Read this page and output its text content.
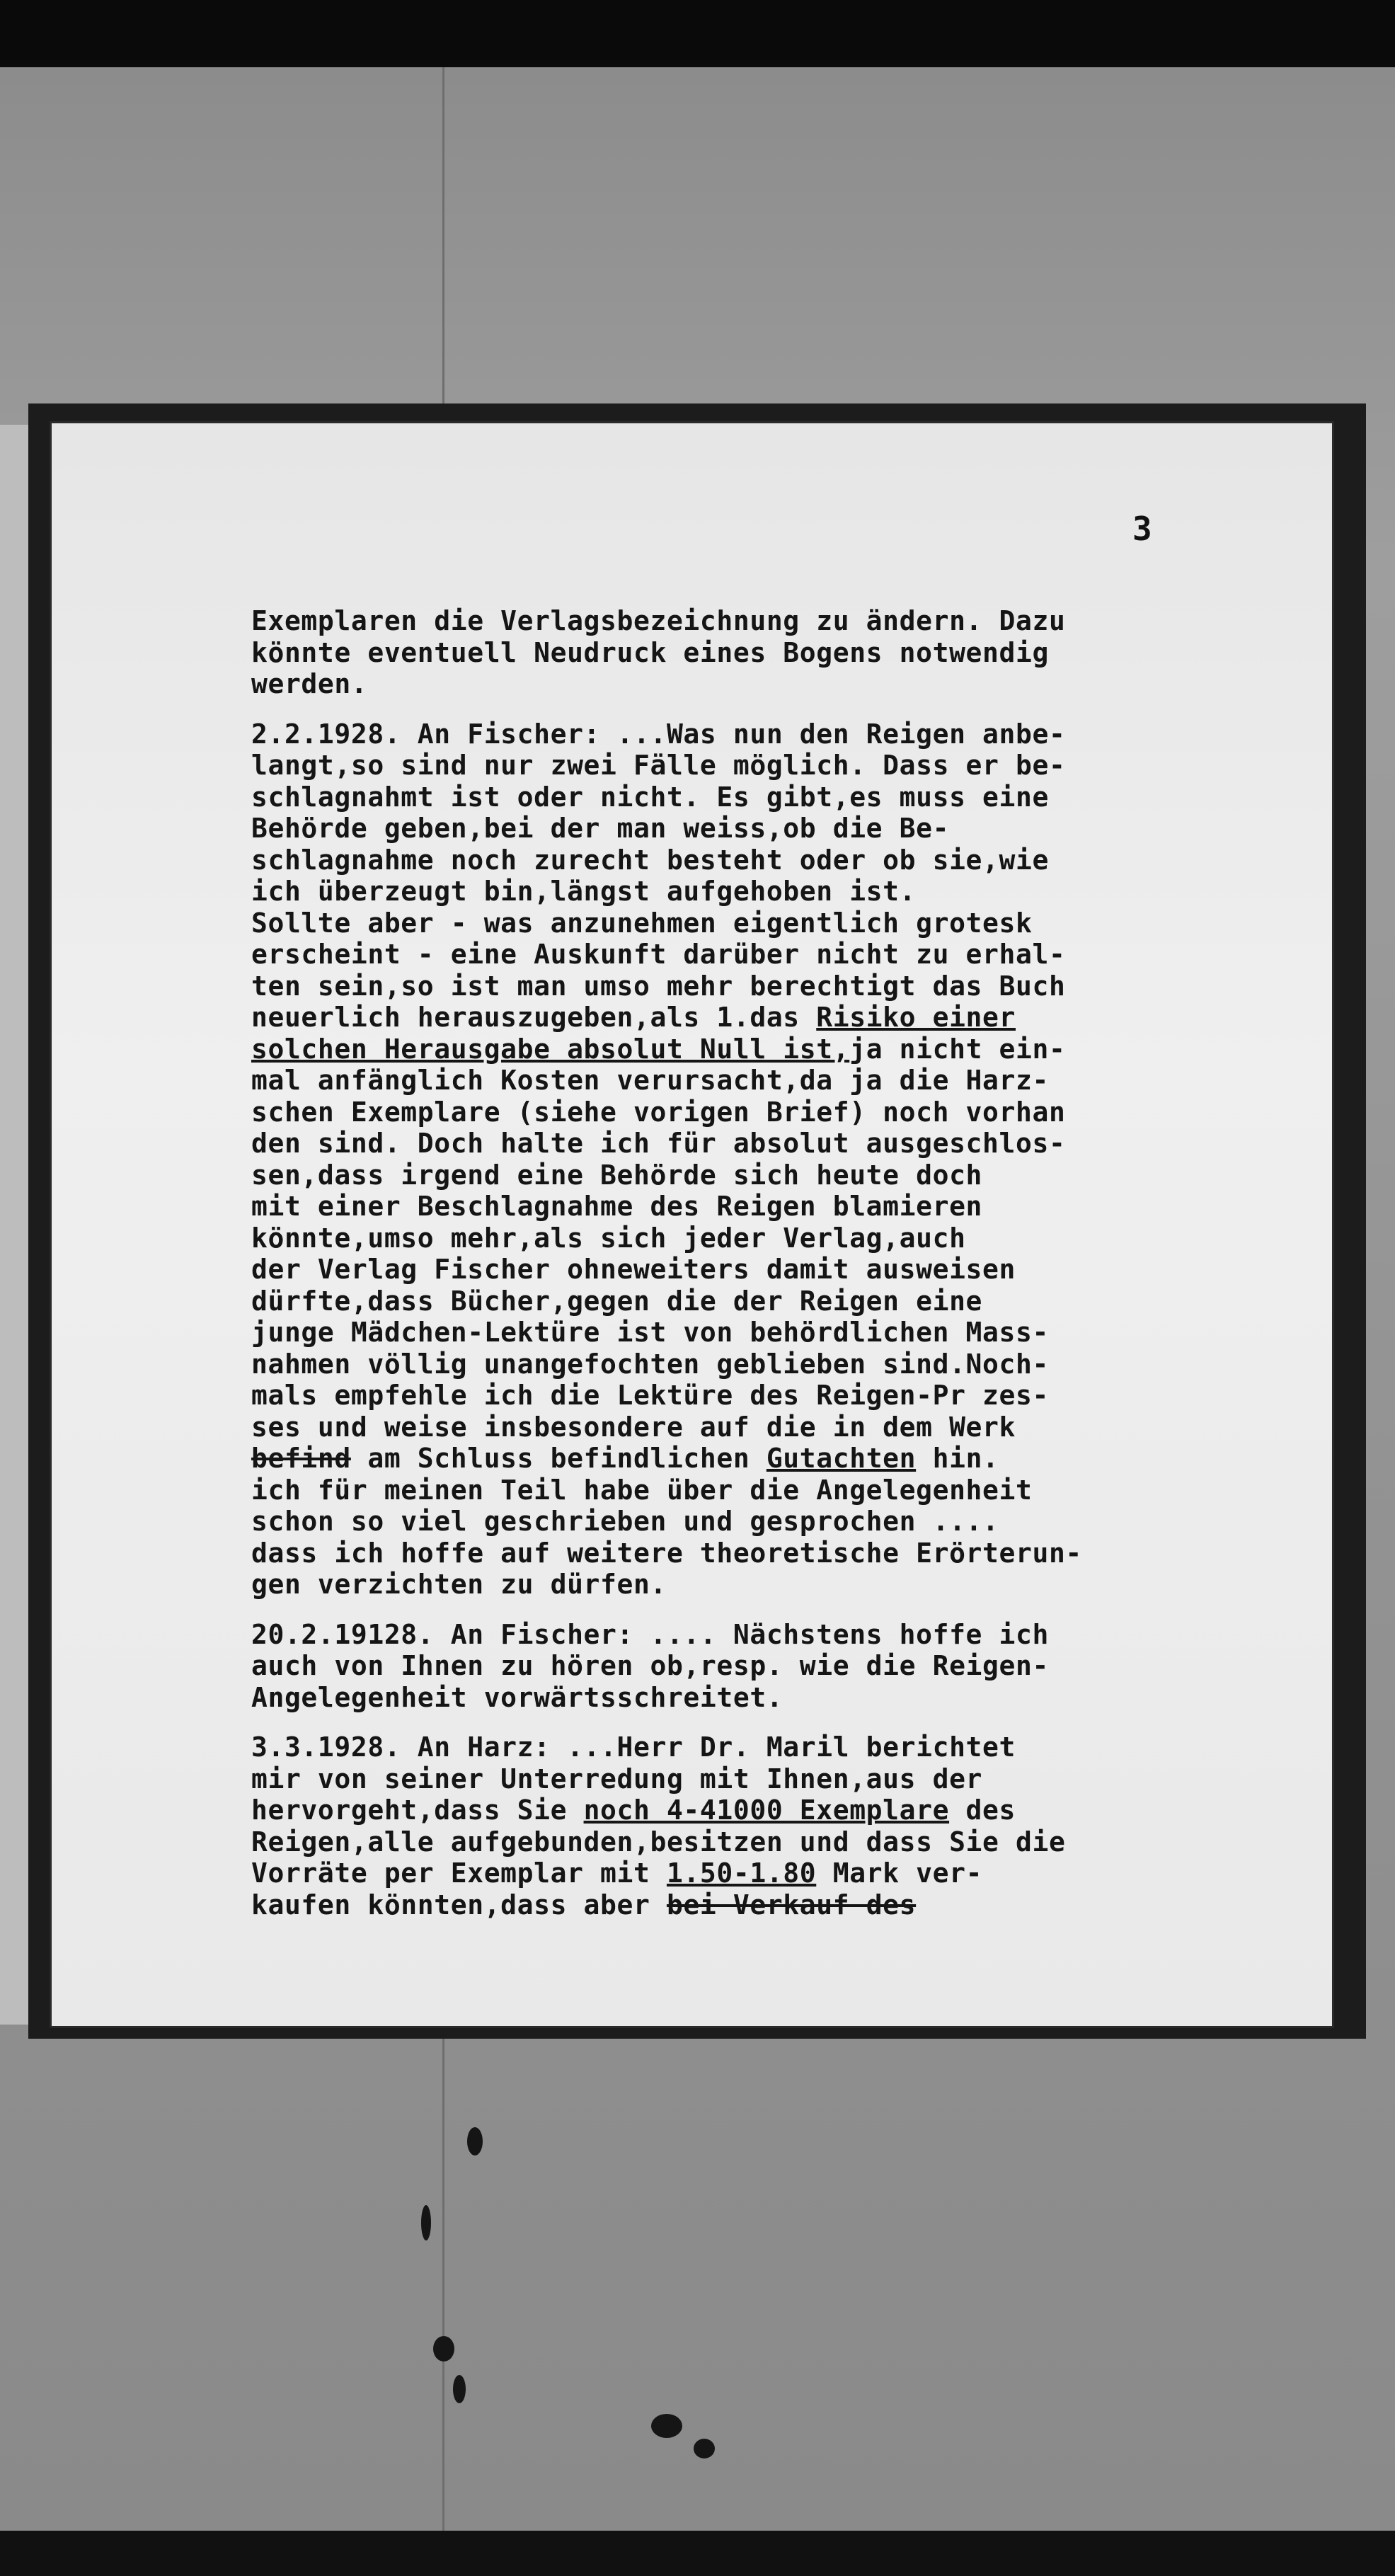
3
Exemplaren die Verlagsbezeichnung zu ändern. Dazu
könnte eventuell Neudruck eines Bogens notwendig
werden.
2.2.1928. An Fischer: ...Was nun den Reigen anbe-
langt,so sind nur zwei Fälle möglich. Dass er be-
schlagnahmt ist oder nicht. Es gibt,es muss eine
Behörde geben,bei der man weiss,ob die Be-
schlagnahme noch zurecht besteht oder ob sie,wie
ich überzeugt bin,längst aufgehoben ist.
Sollte aber - was anzunehmen eigentlich grotesk
erscheint - eine Auskunft darüber nicht zu erhal-
ten sein,so ist man umso mehr berechtigt das Buch
neuerlich herauszugeben,als 1.das Risiko einer
solchen Herausgabe absolut Null ist,ja nicht ein-
mal anfänglich Kosten verursacht,da ja die Harz-
schen Exemplare (siehe vorigen Brief) noch vorhan
den sind. Doch halte ich für absolut ausgeschlos-
sen,dass irgend eine Behörde sich heute doch
mit einer Beschlagnahme des Reigen blamieren
könnte,umso mehr,als sich jeder Verlag,auch
der Verlag Fischer ohneweiters damit ausweisen
dürfte,dass Bücher,gegen die der Reigen eine
junge Mädchen-Lektüre ist von behördlichen Mass-
nahmen völlig unangefochten geblieben sind.Noch-
mals empfehle ich die Lektüre des Reigen-Pr zes-
ses und weise insbesondere auf die in dem Werk
befind am Schluss befindlichen Gutachten hin.
ich für meinen Teil habe über die Angelegenheit
schon so viel geschrieben und gesprochen ....
dass ich hoffe auf weitere theoretische Erörterun-
gen verzichten zu dürfen.
20.2.19128. An Fischer: .... Nächstens hoffe ich
auch von Ihnen zu hören ob,resp. wie die Reigen-
Angelegenheit vorwärtsschreitet.
3.3.1928. An Harz: ...Herr Dr. Maril berichtet
mir von seiner Unterredung mit Ihnen,aus der
hervorgeht,dass Sie noch 4-41000 Exemplare des
Reigen,alle aufgebunden,besitzen und dass Sie die
Vorräte per Exemplar mit 1.50-1.80 Mark ver-
kaufen könnten,dass aber bei Verkauf des
